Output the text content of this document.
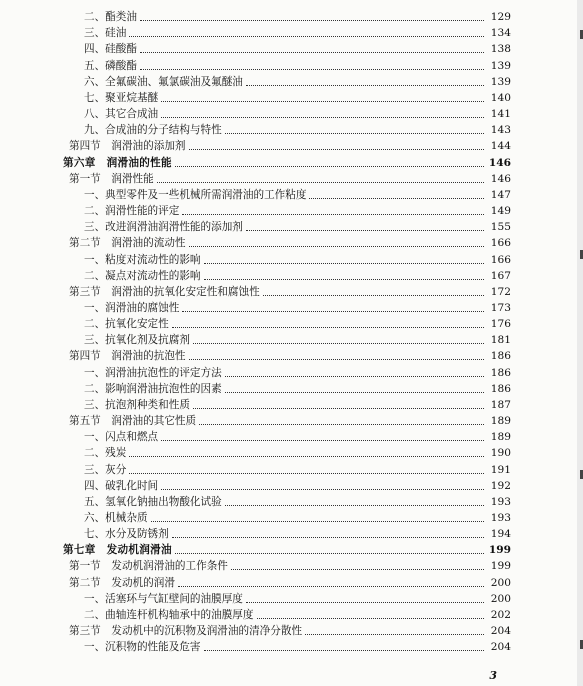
二、酯类油	129
三、硅油	134
四、硅酸酯	138
五、磷酸酯	139
六、全氟碳油、氟氯碳油及氟醚油	139
七、聚亚烷基醚	140
八、其它合成油	141
九、合成油的分子结构与特性	143
第四节　润滑油的添加剂	144
第六章　润滑油的性能	146
第一节　润滑性能	146
一、典型零件及一些机械所需润滑油的工作粘度	147
二、润滑性能的评定	149
三、改进润滑油润滑性能的添加剂	155
第二节　润滑油的流动性	166
一、粘度对流动性的影响	166
二、凝点对流动性的影响	167
第三节　润滑油的抗氧化安定性和腐蚀性	172
一、润滑油的腐蚀性	173
二、抗氧化安定性	176
三、抗氧化剂及抗腐剂	181
第四节　润滑油的抗泡性	186
一、润滑油抗泡性的评定方法	186
二、影响润滑油抗泡性的因素	186
三、抗泡剂种类和性质	187
第五节　润滑油的其它性质	189
一、闪点和燃点	189
二、残炭	190
三、灰分	191
四、破乳化时间	192
五、氢氧化钠抽出物酸化试验	193
六、机械杂质	193
七、水分及防锈剂	194
第七章　发动机润滑油	199
第一节　发动机润滑油的工作条件	199
第二节　发动机的润滑	200
一、活塞环与气缸壁间的油膜厚度	200
二、曲轴连杆机构轴承中的油膜厚度	202
第三节　发动机中的沉积物及润滑油的清净分散性	204
一、沉积物的性能及危害	204
3
